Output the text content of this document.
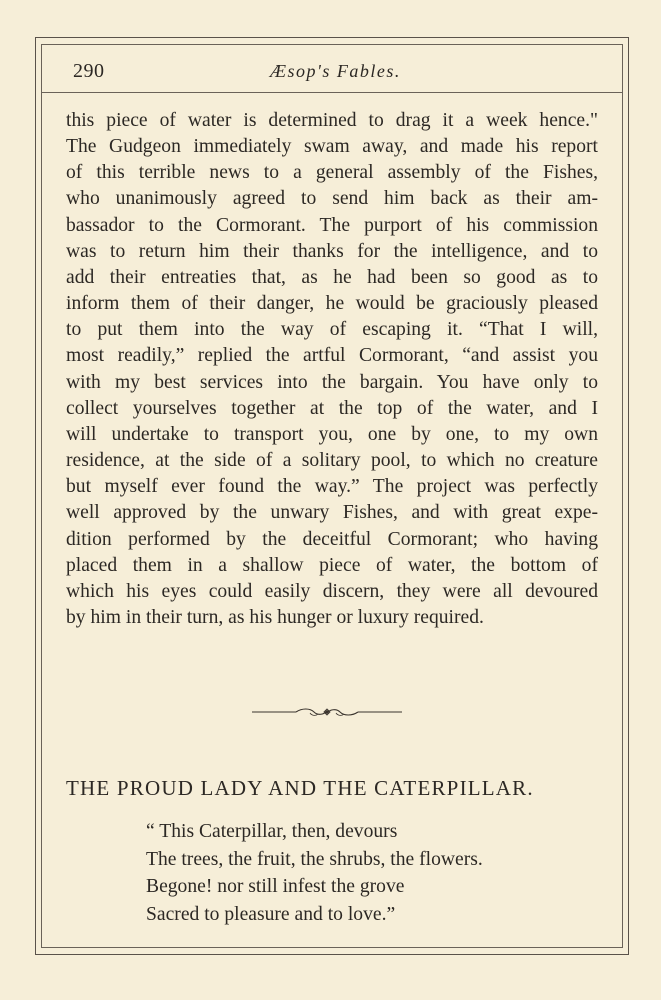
290	Æsop's Fables.
this piece of water is determined to drag it a week hence."
The Gudgeon immediately swam away, and made his report
of this terrible news to a general assembly of the Fishes,
who unanimously agreed to send him back as their am-
bassador to the Cormorant. The purport of his commission
was to return him their thanks for the intelligence, and to
add their entreaties that, as he had been so good as to
inform them of their danger, he would be graciously pleased
to put them into the way of escaping it. “That I will,
most readily,” replied the artful Cormorant, “and assist you
with my best services into the bargain. You have only to
collect yourselves together at the top of the water, and I
will undertake to transport you, one by one, to my own
residence, at the side of a solitary pool, to which no creature
but myself ever found the way.” The project was perfectly
well approved by the unwary Fishes, and with great expe-
dition performed by the deceitful Cormorant; who having
placed them in a shallow piece of water, the bottom of
which his eyes could easily discern, they were all devoured
by him in their turn, as his hunger or luxury required.
THE PROUD LADY AND THE CATERPILLAR.
“ This Caterpillar, then, devours
The trees, the fruit, the shrubs, the flowers.
Begone! nor still infest the grove
Sacred to pleasure and to love.”
